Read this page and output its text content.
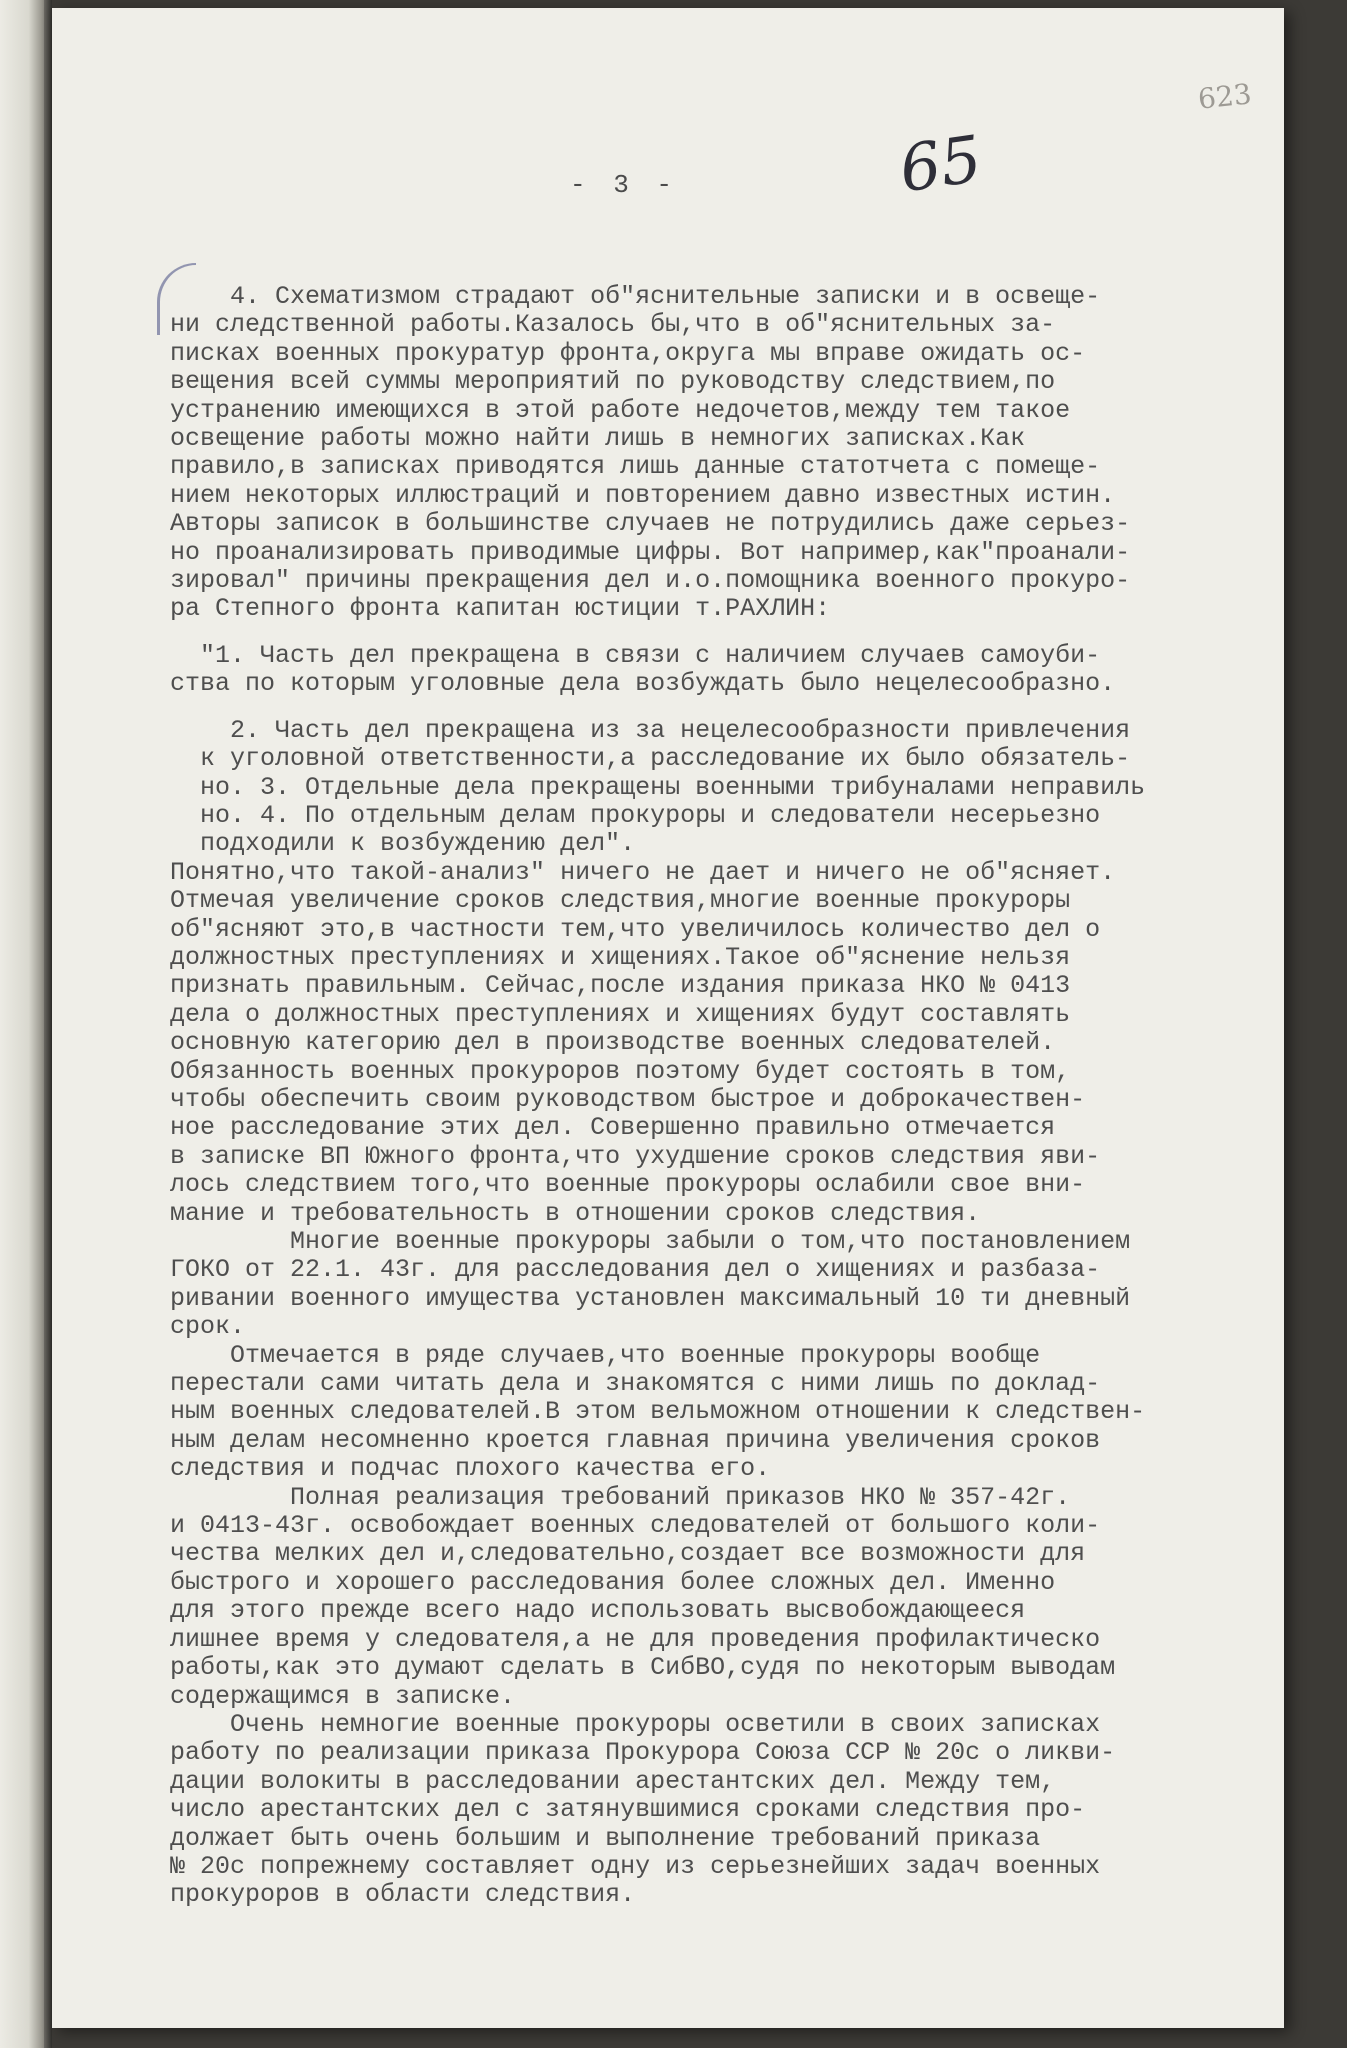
623
- 3 -	65
4. Схематизмом страдают об"яснительные записки и в освеще-
ни следственной работы.Казалось бы,что в об"яснительных за-
писках военных прокуратур фронта,округа мы вправе ожидать ос-
вещения всей суммы мероприятий по руководству следствием,по
устранению имеющихся в этой работе недочетов,между тем такое
освещение работы можно найти лишь в немногих записках.Как
правило,в записках приводятся лишь данные статотчета с помеще-
нием некоторых иллюстраций и повторением давно известных истин.
Авторы записок в большинстве случаев не потрудились даже серьез-
но проанализировать приводимые цифры. Вот например,как"проанали-
зировал" причины прекращения дел и.о.помощника военного прокуро-
ра Степного фронта капитан юстиции т.РАХЛИН:
"1. Часть дел прекращена в связи с наличием случаев самоуби-
ства по которым уголовные дела возбуждать было нецелесообразно.
2. Часть дел прекращена из за нецелесообразности привлечения
к уголовной ответственности,а расследование их было обязатель-
но. 3. Отдельные дела прекращены военными трибуналами неправиль
но. 4. По отдельным делам прокуроры и следователи несерьезно
подходили к возбуждению дел".
Понятно,что такой-анализ" ничего не дает и ничего не об"ясняет.
Отмечая увеличение сроков следствия,многие военные прокуроры
об"ясняют это,в частности тем,что увеличилось количество дел о
должностных преступлениях и хищениях.Такое об"яснение нельзя
признать правильным. Сейчас,после издания приказа НКО № 0413
дела о должностных преступлениях и хищениях будут составлять
основную категорию дел в производстве военных следователей.
Обязанность военных прокуроров поэтому будет состоять в том,
чтобы обеспечить своим руководством быстрое и доброкачествен-
ное расследование этих дел. Совершенно правильно отмечается
в записке ВП Южного фронта,что ухудшение сроков следствия яви-
лось следствием того,что военные прокуроры ослабили свое вни-
мание и требовательность в отношении сроков следствия.
Многие военные прокуроры забыли о том,что постановлением
ГОКО от 22.1. 43г. для расследования дел о хищениях и разбаза-
ривании военного имущества установлен максимальный 10 ти дневный
срок.
Отмечается в ряде случаев,что военные прокуроры вообще
перестали сами читать дела и знакомятся с ними лишь по доклад-
ным военных следователей.В этом вельможном отношении к следствен-
ным делам несомненно кроется главная причина увеличения сроков
следствия и подчас плохого качества его.
Полная реализация требований приказов НКО № 357-42г.
и 0413-43г. освобождает военных следователей от большого коли-
чества мелких дел и,следовательно,создает все возможности для
быстрого и хорошего расследования более сложных дел. Именно
для этого прежде всего надо использовать высвобождающееся
лишнее время у следователя,а не для проведения профилактическо
работы,как это думают сделать в СибВО,судя по некоторым выводам
содержащимся в записке.
Очень немногие военные прокуроры осветили в своих записках
работу по реализации приказа Прокурора Союза ССР № 20с о ликви-
дации волокиты в расследовании арестантских дел. Между тем,
число арестантских дел с затянувшимися сроками следствия про-
должает быть очень большим и выполнение требований приказа
№ 20с попрежнему составляет одну из серьезнейших задач военных
прокуроров в области следствия.
